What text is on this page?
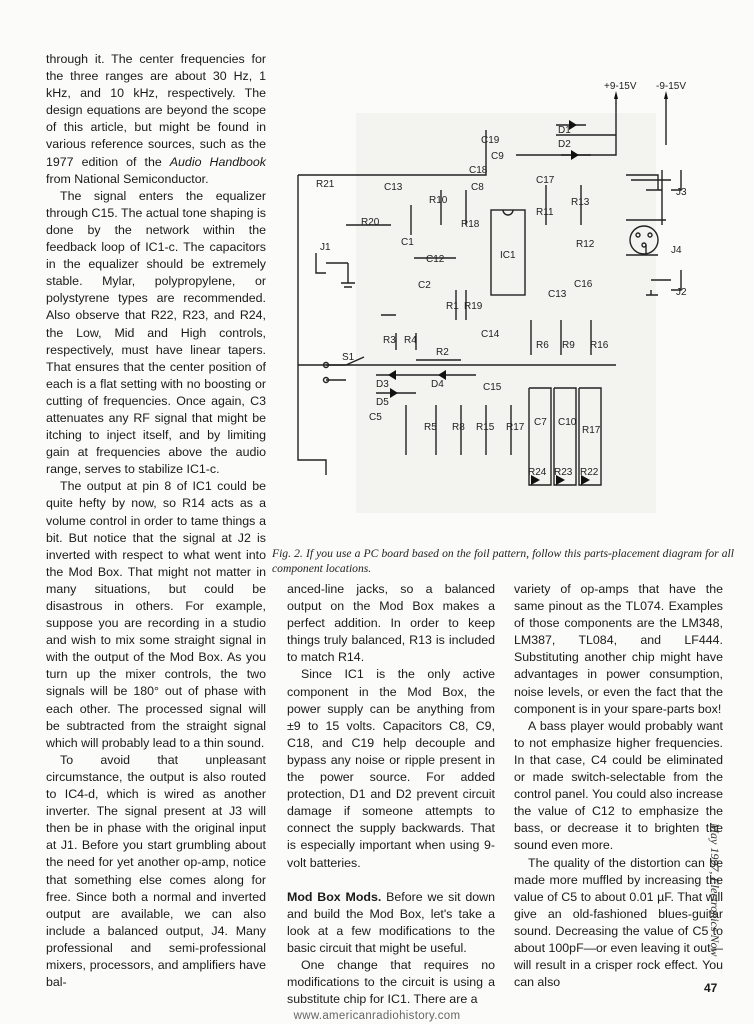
through it. The center frequencies for the three ranges are about 30 Hz, 1 kHz, and 10 kHz, respectively. The design equations are beyond the scope of this article, but might be found in various reference sources, such as the 1977 edition of the Audio Handbook from National Semiconductor.

The signal enters the equalizer through C15. The actual tone shaping is done by the network within the feedback loop of IC1-c. The capacitors in the equalizer should be extremely stable. Mylar, polypropylene, or polystyrene types are recommended. Also observe that R22, R23, and R24, the Low, Mid and High controls, respectively, must have linear tapers. That ensures that the center position of each is a flat setting with no boosting or cutting of frequencies. Once again, C3 attenuates any RF signal that might be itching to inject itself, and by limiting gain at frequencies above the audio range, serves to stabilize IC1-c.

The output at pin 8 of IC1 could be quite hefty by now, so R14 acts as a volume control in order to tame things a bit. But notice that the signal at J2 is inverted with respect to what went into the Mod Box. That might not matter in many situations, but could be disastrous in others. For example, suppose you are recording in a studio and wish to mix some straight signal in with the output of the Mod Box. As you turn up the mixer controls, the two signals will be 180° out of phase with each other. The processed signal will be subtracted from the straight signal which will probably lead to a thin sound.

To avoid that unpleasant circumstance, the output is also routed to IC4-d, which is wired as another inverter. The signal present at J3 will then be in phase with the original input at J1. Before you start grumbling about the need for yet another op-amp, notice that something else comes along for free. Since both a normal and inverted output are available, we can also include a balanced output, J4. Many professional and semi-professional mixers, processors, and amplifiers have bal-

+9-15V -9-15V
D1
D2
C19
C9
C18
C8
C17
R13
R11
J3
J4
R12
IC1
C16
C13	J2
R21	C13
R10
R18
R20
C1
J1
C12
C2
R1 R19
C14
R3 R4
R2
R6 R9 R16
S1
D3	D4	C15
D5
C5
R5 R8 R15 R17 C7 C10
R17
R24 R23 R22
Fig. 2. If you use a PC board based on the foil pattern, follow this parts-placement diagram for all component locations.

anced-line jacks, so a balanced output on the Mod Box makes a perfect addition. In order to keep things truly balanced, R13 is included to match R14.

Since IC1 is the only active component in the Mod Box, the power supply can be anything from ±9 to 15 volts. Capacitors C8, C9, C18, and C19 help decouple and bypass any noise or ripple present in the power source. For added protection, D1 and D2 prevent circuit damage if someone attempts to connect the supply backwards. That is especially important when using 9-volt batteries.

Mod Box Mods. Before we sit down and build the Mod Box, let's take a look at a few modifications to the basic circuit that might be useful.

One change that requires no modifications to the circuit is using a substitute chip for IC1. There are a

variety of op-amps that have the same pinout as the TL074. Examples of those components are the LM348, LM387, TL084, and LF444. Substituting another chip might have advantages in power consumption, noise levels, or even the fact that the component is in your spare-parts box!

A bass player would probably want to not emphasize higher frequencies. In that case, C4 could be eliminated or made switch-selectable from the control panel. You could also increase the value of C12 to emphasize the bass, or decrease it to brighten the sound even more.

The quality of the distortion can be made more muffled by increasing the value of C5 to about 0.01 µF. That will give an old-fashioned blues-guitar sound. Decreasing the value of C5 to about 100pF—or even leaving it out—will result in a crisper rock effect. You can also

May 1997, Electronics Now
47
www.americanradiohistory.com
